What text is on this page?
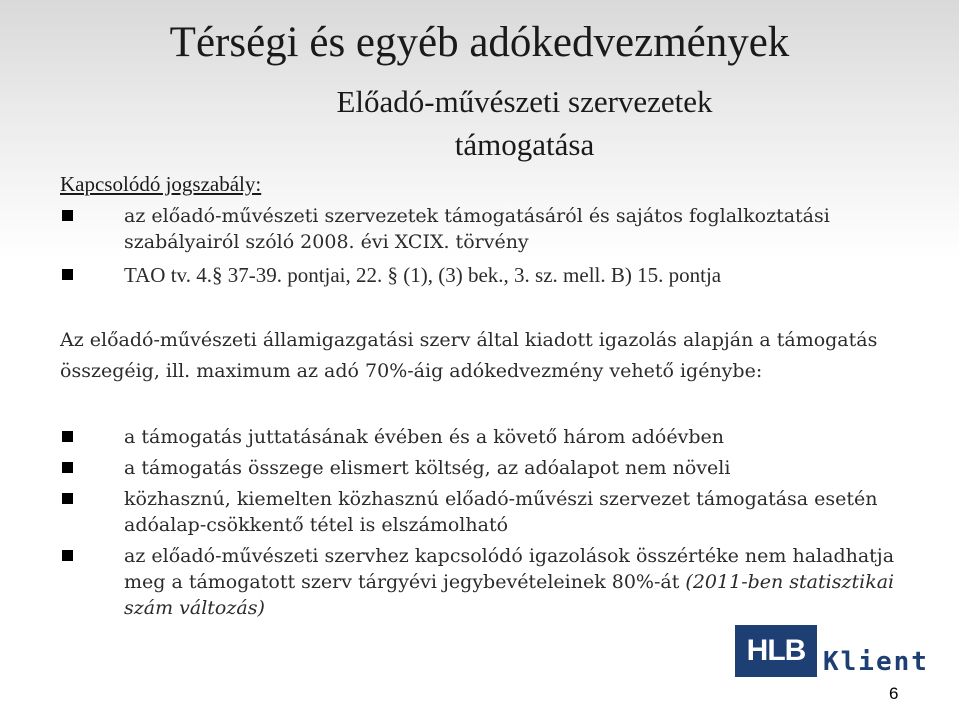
Térségi és egyéb adókedvezmények
Előadó-művészeti szervezetek
támogatása
Kapcsolódó jogszabály:
az előadó-művészeti szervezetek támogatásáról és sajátos foglalkoztatási szabályairól szóló 2008. évi XCIX. törvény
TAO tv. 4.§ 37-39. pontjai, 22. § (1), (3) bek., 3. sz. mell. B) 15. pontja
Az előadó-művészeti államigazgatási szerv által kiadott igazolás alapján a támogatás összegéig, ill. maximum az adó 70%-áig adókedvezmény vehető igénybe:
a támogatás juttatásának évében és a követő három adóévben
a támogatás összege elismert költség, az adóalapot nem növeli
közhasznú, kiemelten közhasznú előadó-művészi szervezet támogatása esetén adóalap-csökkentő tétel is elszámolható
az előadó-művészeti szervhez kapcsolódó igazolások összértéke nem haladhatja meg a támogatott szerv tárgyévi jegybevételeinek 80%-át (2011-ben statisztikai szám változás)
HLB Klient
6
